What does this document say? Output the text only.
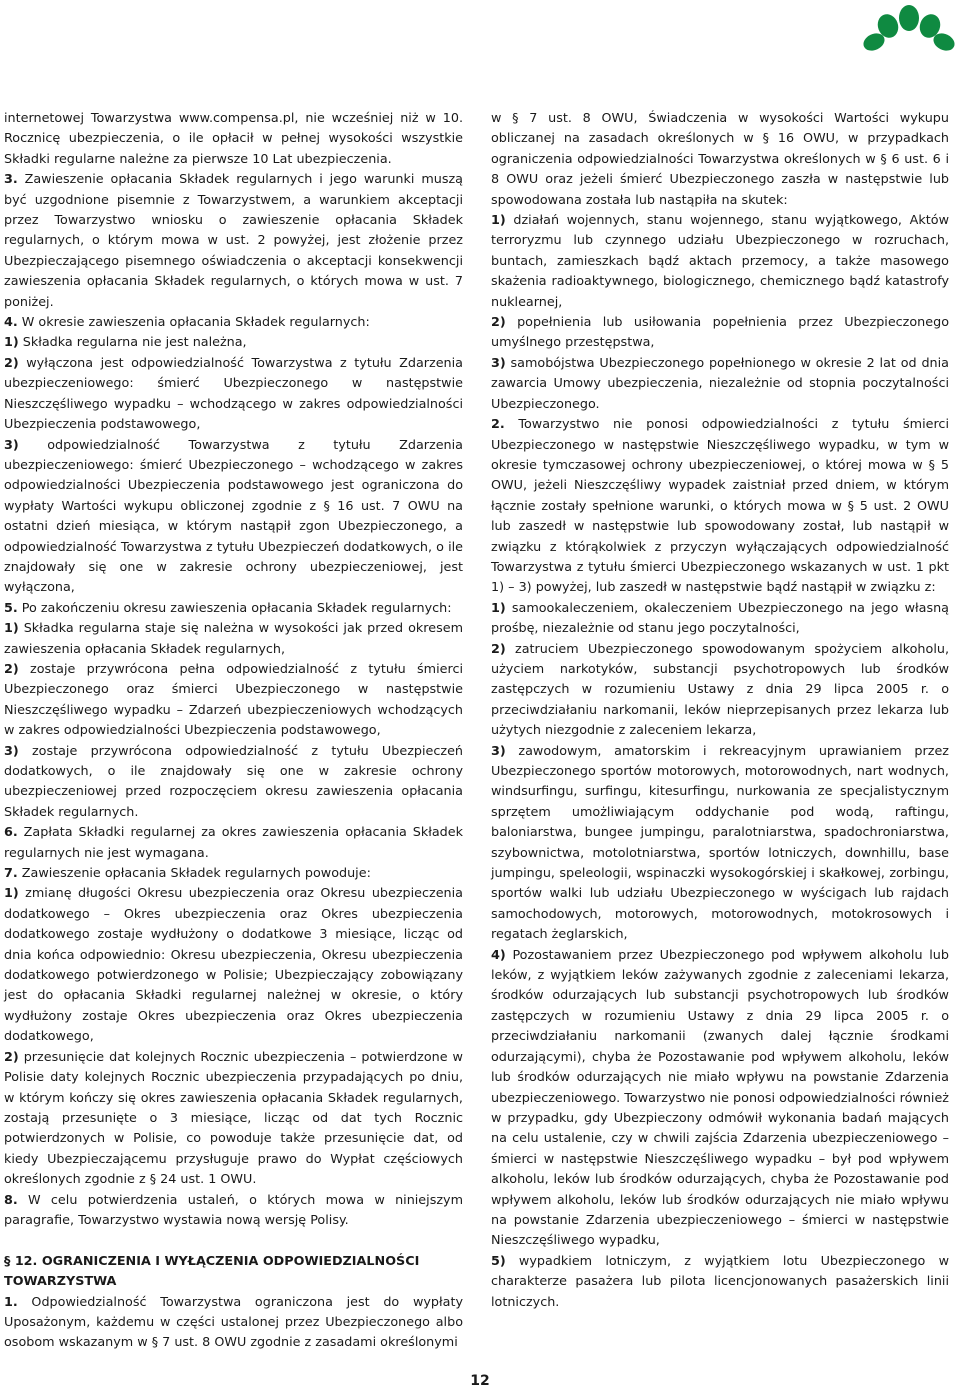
internetowej Towarzystwa www.compensa.pl, nie wcześniej niż w 10. Rocznicę ubezpieczenia, o ile opłacił w pełnej wysokości wszystkie Składki regularne należne za pierwsze 10 Lat ubezpieczenia.

3. Zawieszenie opłacania Składek regularnych i jego warunki muszą być uzgodnione pisemnie z Towarzystwem, a warunkiem akceptacji przez Towarzystwo wniosku o zawieszenie opłacania Składek regularnych, o którym mowa w ust. 2 powyżej, jest złożenie przez Ubezpieczającego pisemnego oświadczenia o akceptacji konsekwencji zawieszenia opłacania Składek regularnych, o których mowa w ust. 7 poniżej.

4. W okresie zawieszenia opłacania Składek regularnych:

1) Składka regularna nie jest należna,

2) wyłączona jest odpowiedzialność Towarzystwa z tytułu Zdarzenia ubezpieczeniowego: śmierć Ubezpieczonego w następstwie Nieszczęśliwego wypadku – wchodzącego w zakres odpowiedzialności Ubezpieczenia podstawowego,

3) odpowiedzialność Towarzystwa z tytułu Zdarzenia ubezpieczeniowego: śmierć Ubezpieczonego – wchodzącego w zakres odpowiedzialności Ubezpieczenia podstawowego jest ograniczona do wypłaty Wartości wykupu obliczonej zgodnie z § 16 ust. 7 OWU na ostatni dzień miesiąca, w którym nastąpił zgon Ubezpieczonego, a odpowiedzialność Towarzystwa z tytułu Ubezpieczeń dodatkowych, o ile znajdowały się one w zakresie ochrony ubezpieczeniowej, jest wyłączona,

5. Po zakończeniu okresu zawieszenia opłacania Składek regularnych:

1) Składka regularna staje się należna w wysokości jak przed okresem zawieszenia opłacania Składek regularnych,

2) zostaje przywrócona pełna odpowiedzialność z tytułu śmierci Ubezpieczonego oraz śmierci Ubezpieczonego w następstwie Nieszczęśliwego wypadku – Zdarzeń ubezpieczeniowych wchodzących w zakres odpowiedzialności Ubezpieczenia podstawowego,

3) zostaje przywrócona odpowiedzialność z tytułu Ubezpieczeń dodatkowych, o ile znajdowały się one w zakresie ochrony ubezpieczeniowej przed rozpoczęciem okresu zawieszenia opłacania Składek regularnych.

6. Zapłata Składki regularnej za okres zawieszenia opłacania Składek regularnych nie jest wymagana.

7. Zawieszenie opłacania Składek regularnych powoduje:

1) zmianę długości Okresu ubezpieczenia oraz Okresu ubezpieczenia dodatkowego – Okres ubezpieczenia oraz Okres ubezpieczenia dodatkowego zostaje wydłużony o dodatkowe 3 miesiące, licząc od dnia końca odpowiednio: Okresu ubezpieczenia, Okresu ubezpieczenia dodatkowego potwierdzonego w Polisie; Ubezpieczający zobowiązany jest do opłacania Składki regularnej należnej w okresie, o który wydłużony zostaje Okres ubezpieczenia oraz Okres ubezpieczenia dodatkowego,

2) przesunięcie dat kolejnych Rocznic ubezpieczenia – potwierdzone w Polisie daty kolejnych Rocznic ubezpieczenia przypadających po dniu, w którym kończy się okres zawieszenia opłacania Składek regularnych, zostają przesunięte o 3 miesiące, licząc od dat tych Rocznic potwierdzonych w Polisie, co powoduje także przesunięcie dat, od kiedy Ubezpieczającemu przysługuje prawo do Wypłat częściowych określonych zgodnie z § 24 ust. 1 OWU.

8. W celu potwierdzenia ustaleń, o których mowa w niniejszym paragrafie, Towarzystwo wystawia nową wersję Polisy.

§ 12. OGRANICZENIA I WYŁĄCZENIA ODPOWIEDZIALNOŚCI TOWARZYSTWA

1. Odpowiedzialność Towarzystwa ograniczona jest do wypłaty Uposażonym, każdemu w części ustalonej przez Ubezpieczonego albo osobom wskazanym w § 7 ust. 8 OWU zgodnie z zasadami określonymi

w § 7 ust. 8 OWU, Świadczenia w wysokości Wartości wykupu obliczanej na zasadach określonych w § 16 OWU, w przypadkach ograniczenia odpowiedzialności Towarzystwa określonych w § 6 ust. 6 i 8 OWU oraz jeżeli śmierć Ubezpieczonego zaszła w następstwie lub spowodowana została lub nastąpiła na skutek:

1) działań wojennych, stanu wojennego, stanu wyjątkowego, Aktów terroryzmu lub czynnego udziału Ubezpieczonego w rozruchach, buntach, zamieszkach bądź aktach przemocy, a także masowego skażenia radioaktywnego, biologicznego, chemicznego bądź katastrofy nuklearnej,

2) popełnienia lub usiłowania popełnienia przez Ubezpieczonego umyślnego przestępstwa,

3) samobójstwa Ubezpieczonego popełnionego w okresie 2 lat od dnia zawarcia Umowy ubezpieczenia, niezależnie od stopnia poczytalności Ubezpieczonego.

2. Towarzystwo nie ponosi odpowiedzialności z tytułu śmierci Ubezpieczonego w następstwie Nieszczęśliwego wypadku, w tym w okresie tymczasowej ochrony ubezpieczeniowej, o której mowa w § 5 OWU, jeżeli Nieszczęśliwy wypadek zaistniał przed dniem, w którym łącznie zostały spełnione warunki, o których mowa w § 5 ust. 2 OWU lub zaszedł w następstwie lub spowodowany został, lub nastąpił w związku z którąkolwiek z przyczyn wyłączających odpowiedzialność Towarzystwa z tytułu śmierci Ubezpieczonego wskazanych w ust. 1 pkt 1) – 3) powyżej, lub zaszedł w następstwie bądź nastąpił w związku z:

1) samookaleczeniem, okaleczeniem Ubezpieczonego na jego własną prośbę, niezależnie od stanu jego poczytalności,

2) zatruciem Ubezpieczonego spowodowanym spożyciem alkoholu, użyciem narkotyków, substancji psychotropowych lub środków zastępczych w rozumieniu Ustawy z dnia 29 lipca 2005 r. o przeciwdziałaniu narkomanii, leków nieprzepisanych przez lekarza lub użytych niezgodnie z zaleceniem lekarza,

3) zawodowym, amatorskim i rekreacyjnym uprawianiem przez Ubezpieczonego sportów motorowych, motorowodnych, nart wodnych, windsurfingu, surfingu, kitesurfingu, nurkowania ze specjalistycznym sprzętem umożliwiającym oddychanie pod wodą, raftingu, baloniarstwa, bungee jumpingu, paralotniarstwa, spadochroniarstwa, szybownictwa, motolotniarstwa, sportów lotniczych, downhillu, base jumpingu, speleologii, wspinaczki wysokogórskiej i skałkowej, zorbingu, sportów walki lub udziału Ubezpieczonego w wyścigach lub rajdach samochodowych, motorowych, motorowodnych, motokrosowych i regatach żeglarskich,

4) Pozostawaniem przez Ubezpieczonego pod wpływem alkoholu lub leków, z wyjątkiem leków zażywanych zgodnie z zaleceniami lekarza, środków odurzających lub substancji psychotropowych lub środków zastępczych w rozumieniu Ustawy z dnia 29 lipca 2005 r. o przeciwdziałaniu narkomanii (zwanych dalej łącznie środkami odurzającymi), chyba że Pozostawanie pod wpływem alkoholu, leków lub środków odurzających nie miało wpływu na powstanie Zdarzenia ubezpieczeniowego. Towarzystwo nie ponosi odpowiedzialności również w przypadku, gdy Ubezpieczony odmówił wykonania badań mających na celu ustalenie, czy w chwili zajścia Zdarzenia ubezpieczeniowego – śmierci w następstwie Nieszczęśliwego wypadku – był pod wpływem alkoholu, leków lub środków odurzających, chyba że Pozostawanie pod wpływem alkoholu, leków lub środków odurzających nie miało wpływu na powstanie Zdarzenia ubezpieczeniowego – śmierci w następstwie Nieszczęśliwego wypadku,

5) wypadkiem lotniczym, z wyjątkiem lotu Ubezpieczonego w charakterze pasażera lub pilota licencjonowanych pasażerskich linii lotniczych.

12
